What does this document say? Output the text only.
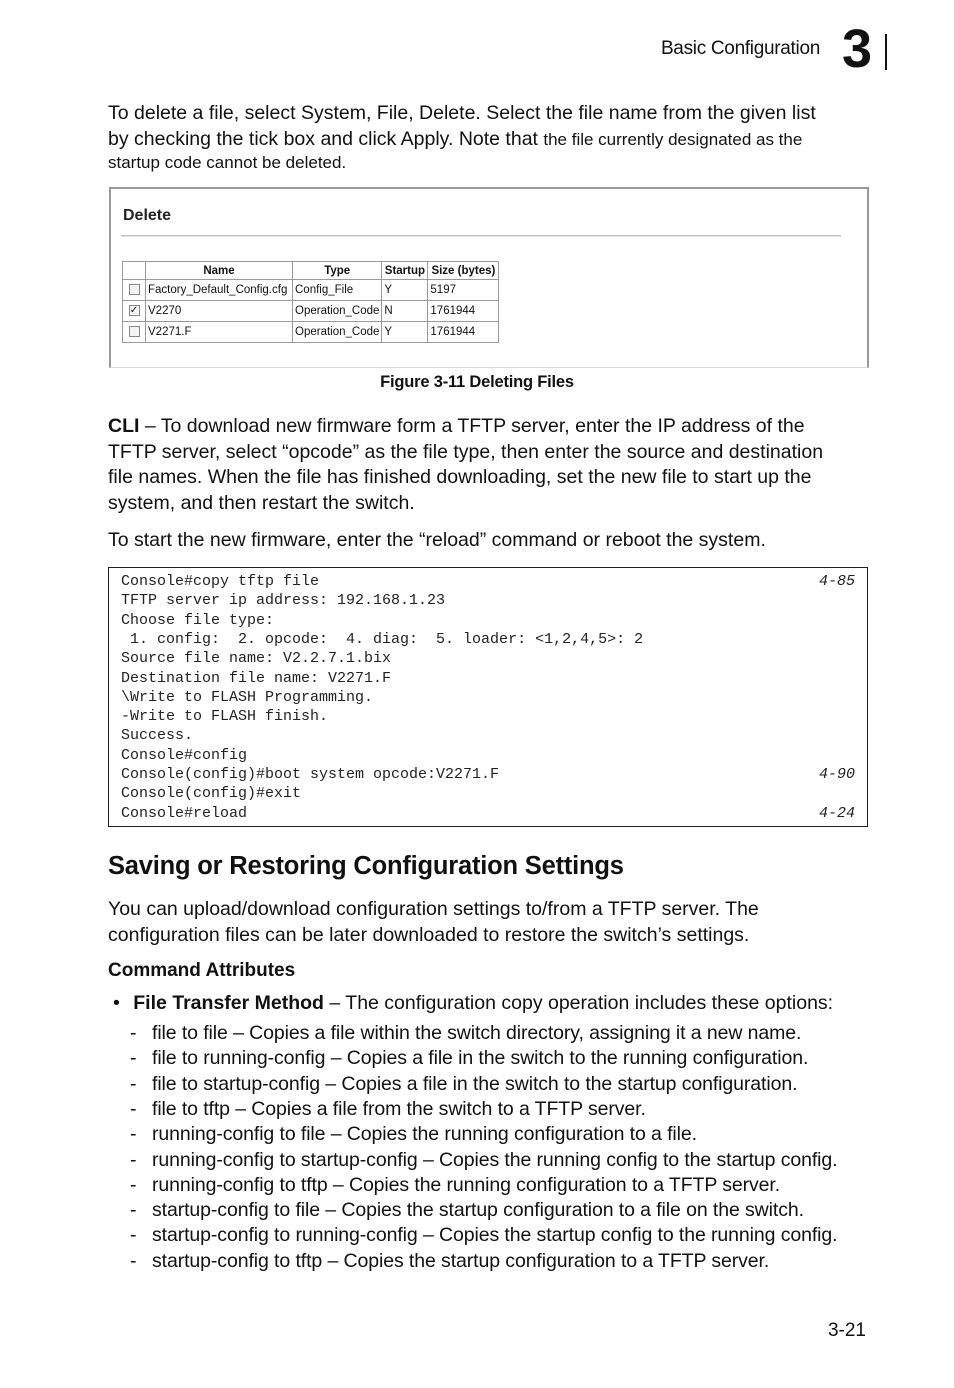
Basic Configuration 3
To delete a file, select System, File, Delete. Select the file name from the given list
by checking the tick box and click Apply. Note that the file currently designated as the
startup code cannot be deleted.
Delete
	Name	Type	Startup	Size (bytes)
	Factory_Default_Config.cfg	Config_File	Y	5197
✓	V2270	Operation_Code	N	1761944
	V2271.F	Operation_Code	Y	1761944
Figure 3-11 Deleting Files
CLI – To download new firmware form a TFTP server, enter the IP address of the
TFTP server, select “opcode” as the file type, then enter the source and destination
file names. When the file has finished downloading, set the new file to start up the
system, and then restart the switch.
To start the new firmware, enter the “reload” command or reboot the system.
Console#copy tftp file	4-85
TFTP server ip address: 192.168.1.23
Choose file type:
1. config:  2. opcode:  4. diag:  5. loader: <1,2,4,5>: 2
Source file name: V2.2.7.1.bix
Destination file name: V2271.F
\Write to FLASH Programming.
-Write to FLASH finish.
Success.
Console#config
Console(config)#boot system opcode:V2271.F	4-90
Console(config)#exit
Console#reload	4-24
Saving or Restoring Configuration Settings
You can upload/download configuration settings to/from a TFTP server. The
configuration files can be later downloaded to restore the switch’s settings.
Command Attributes
• File Transfer Method – The configuration copy operation includes these options:
- file to file – Copies a file within the switch directory, assigning it a new name.
- file to running-config – Copies a file in the switch to the running configuration.
- file to startup-config – Copies a file in the switch to the startup configuration.
- file to tftp – Copies a file from the switch to a TFTP server.
- running-config to file – Copies the running configuration to a file.
- running-config to startup-config – Copies the running config to the startup config.
- running-config to tftp – Copies the running configuration to a TFTP server.
- startup-config to file – Copies the startup configuration to a file on the switch.
- startup-config to running-config – Copies the startup config to the running config.
- startup-config to tftp – Copies the startup configuration to a TFTP server.
3-21
